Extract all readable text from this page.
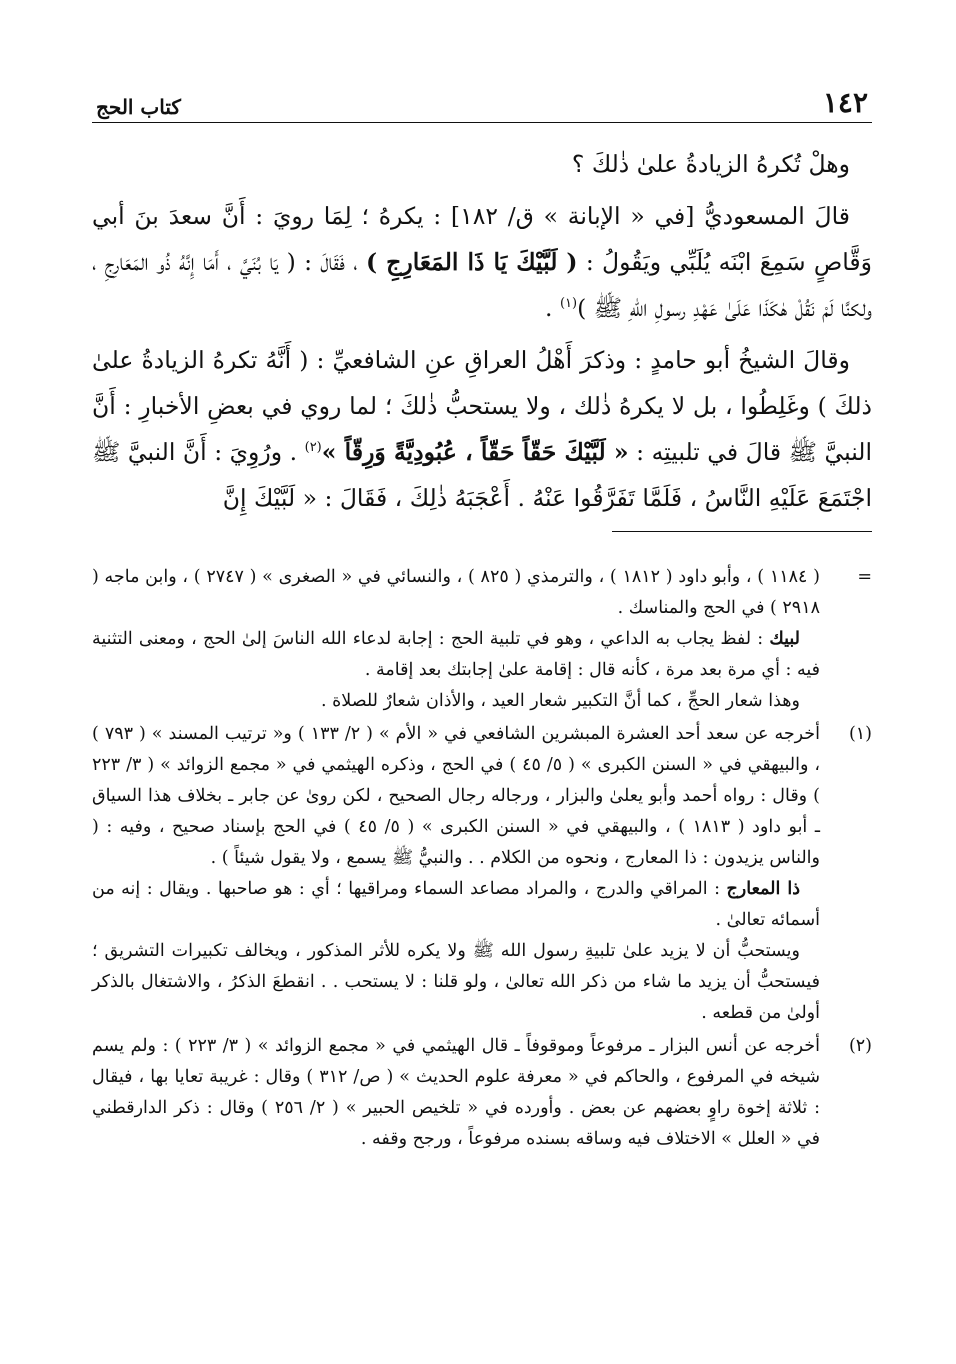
١٤٢
كتاب الحج

وهلْ تُكرهُ الزيادةُ علىٰ ذٰلكَ ؟

قالَ المسعوديُّ [في « الإبانة » ق/ ١٨٢] : يكرهُ ؛ لِمَا رويَ : أَنَّ سعدَ بنَ أبي وَقَّاصٍ سَمِعَ ابْنَه يُلَبِّي ويَقُولُ : ( لَبَّيْكَ يَا ذَا المَعَارِجِ ) ، فَقَالَ : ( يَا بُنَيَّ ، أَمَا إِنَّهُ ذُو المَعَارِجِ ، ولكنَّا لَمْ نَقُلْ هٰكَذَا عَلَىٰ عَهْدِ رسولِ اللهِ ﷺ )$^{(١)}$ .

وقالَ الشيخُ أبو حامدٍ : وذكرَ أَهْلُ العراقِ عنِ الشافعيِّ : ( أَنَّهُ تكرهُ الزيادةُ علىٰ ذلكَ ) وغَلِطُوا ، بل لا يكرهُ ذٰلك ، ولا يستحبُّ ذٰلكَ ؛ لما روي في بعضِ الأخبارِ : أَنَّ النبيَّ ﷺ قالَ في تلبيتِه : « لَبَّيْكَ حَقّاً حَقّاً ، عُبُودِيَّةً وَرِقّاً »$^{(٢)}$ . ورُوِيَ : أَنَّ النبيَّ ﷺ اجْتَمَعَ عَلَيْهِ النَّاسُ ، فَلَمَّا تَفَرَّقُوا عَنْهُ . أَعْجَبَهُ ذٰلِكَ ، فَقَالَ : « لَبَّيْكَ إِنَّ

=

( ١١٨٤ ) ، وأبو داود ( ١٨١٢ ) ، والترمذي ( ٨٢٥ ) ، والنسائي في « الصغرى » ( ٢٧٤٧ ) ، وابن ماجه ( ٢٩١٨ ) في الحج والمناسك .

لبيك : لفظ يجاب به الداعي ، وهو في تلبية الحج : إجابة لدعاء الله الناسَ إلىٰ الحج ، ومعنى التثنية فيه : أي مرة بعد مرة ، كأنه قال : إقامة علىٰ إجابتك بعد إقامة .

وهذا شعار الحجِّ ، كما أنَّ التكبير شعار العيد ، والأذان شعارٌ للصلاة .

(١)

أخرجه عن سعد أحد العشرة المبشرين الشافعي في « الأم » ( ٢/ ١٣٣ ) و« ترتيب المسند » ( ٧٩٣ ) ، والبيهقي في « السنن الكبرى » ( ٥/ ٤٥ ) في الحج ، وذكره الهيثمي في « مجمع الزوائد » ( ٣/ ٢٢٣ ) وقال : رواه أحمد وأبو يعلىٰ والبزار ، ورجاله رجال الصحيح ، لكن روىٰ عن جابر ـ بخلاف هذا السياق ـ أبو داود ( ١٨١٣ ) ، والبيهقي في « السنن الكبرى » ( ٥/ ٤٥ ) في الحج بإسناد صحيح ، وفيه : ( والناس يزيدون : ذا المعارج ، ونحوه من الكلام . . والنبيُّ ﷺ يسمع ، ولا يقول شيئاً ) .

ذا المعارج : المراقي والدرج ، والمراد مصاعد السماء ومراقيها ؛ أي : هو صاحبها . ويقال : إنه من أسمائه تعالىٰ .

ويستحبُّ أن لا يزيد علىٰ تلبيةِ رسول الله ﷺ ولا يكره للأثر المذكور ، ويخالف تكبيرات التشريق ؛ فيستحبُّ أن يزيد ما شاء من ذكر الله تعالىٰ ، ولو قلنا : لا يستحب . . انقطعَ الذكرُ ، والاشتغال بالذكر أولىٰ من قطعه .

(٢)

أخرجه عن أنس البزار ـ مرفوعاً وموقوفاً ـ قال الهيثمي في « مجمع الزوائد » ( ٣/ ٢٢٣ ) : ولم يسم شيخه في المرفوع ، والحاكم في « معرفة علوم الحديث » ( ص/ ٣١٢ ) وقال : غريبة تعايا بها ، فيقال : ثلاثة إخوة راوٍ بعضهم عن بعض . وأورده في « تلخيص الحبير » ( ٢/ ٢٥٦ ) وقال : ذكر الدارقطني في « العلل » الاختلاف فيه وساقه بسنده مرفوعاً ، ورجح وقفه .
